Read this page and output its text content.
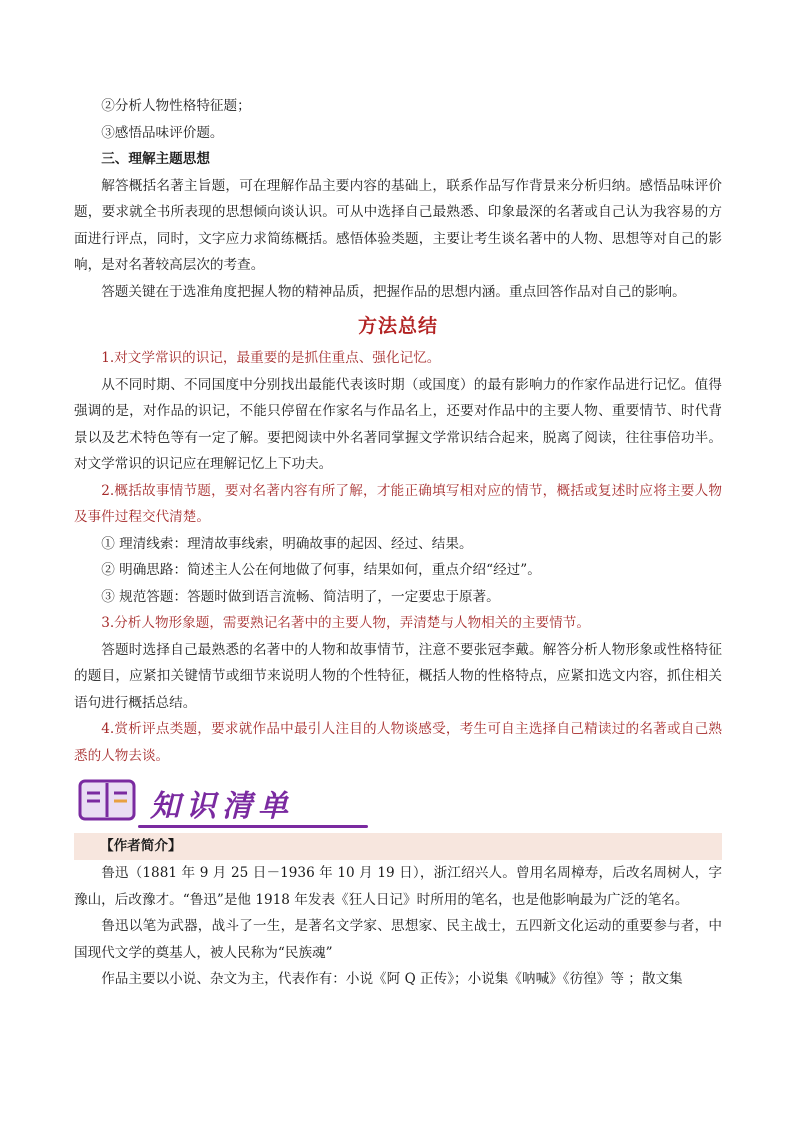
②分析人物性格特征题；

③感悟品味评价题。

三、理解主题思想

解答概括名著主旨题，可在理解作品主要内容的基础上，联系作品写作背景来分析归纳。感悟品味评价题，要求就全书所表现的思想倾向谈认识。可从中选择自己最熟悉、印象最深的名著或自己认为我容易的方面进行评点，同时，文字应力求简练概括。感悟体验类题，主要让考生谈名著中的人物、思想等对自己的影响，是对名著较高层次的考查。

答题关键在于选准角度把握人物的精神品质，把握作品的思想内涵。重点回答作品对自己的影响。

方法总结

1.对文学常识的识记，最重要的是抓住重点、强化记忆。

从不同时期、不同国度中分别找出最能代表该时期（或国度）的最有影响力的作家作品进行记忆。值得强调的是，对作品的识记，不能只停留在作家名与作品名上，还要对作品中的主要人物、重要情节、时代背景以及艺术特色等有一定了解。要把阅读中外名著同掌握文学常识结合起来，脱离了阅读，往往事倍功半。对文学常识的识记应在理解记忆上下功夫。

2.概括故事情节题，要对名著内容有所了解，才能正确填写相对应的情节，概括或复述时应将主要人物及事件过程交代清楚。

① 理清线索：理清故事线索，明确故事的起因、经过、结果。

② 明确思路：简述主人公在何地做了何事，结果如何，重点介绍“经过”。

③ 规范答题：答题时做到语言流畅、简洁明了，一定要忠于原著。

3.分析人物形象题，需要熟记名著中的主要人物，弄清楚与人物相关的主要情节。

答题时选择自己最熟悉的名著中的人物和故事情节，注意不要张冠李戴。解答分析人物形象或性格特征的题目，应紧扣关键情节或细节来说明人物的个性特征，概括人物的性格特点，应紧扣选文内容，抓住相关语句进行概括总结。

4.赏析评点类题，要求就作品中最引人注目的人物谈感受，考生可自主选择自己精读过的名著或自己熟悉的人物去谈。

知识清单
【作者简介】

鲁迅（1881 年 9 月 25 日－1936 年 10 月 19 日），浙江绍兴人。曾用名周樟寿，后改名周树人，字豫山，后改豫才。“鲁迅”是他 1918 年发表《狂人日记》时所用的笔名，也是他影响最为广泛的笔名。

鲁迅以笔为武器，战斗了一生，是著名文学家、思想家、民主战士，五四新文化运动的重要参与者，中国现代文学的奠基人，被人民称为“民族魂”

作品主要以小说、杂文为主，代表作有：小说《阿 Q 正传》；小说集《呐喊》《彷徨》等 ；散文集
